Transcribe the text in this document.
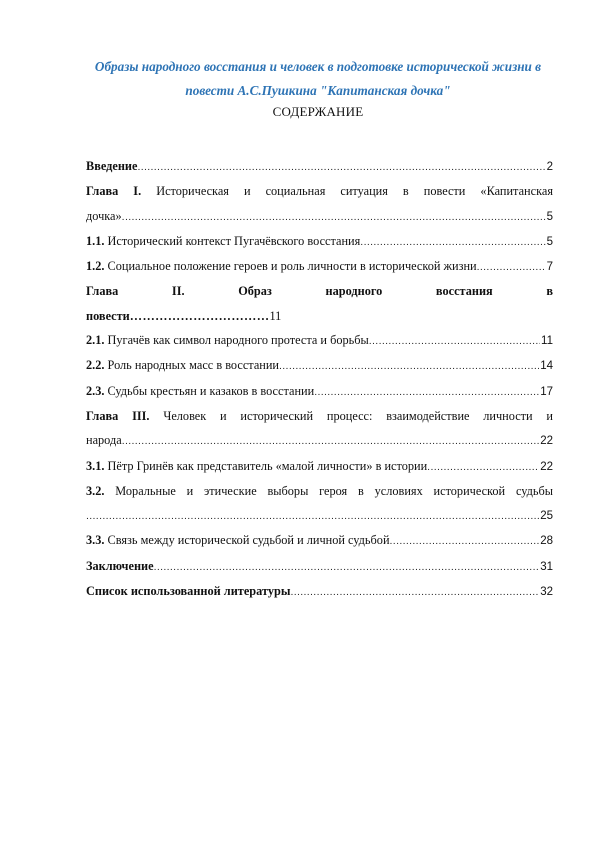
Образы народного восстания и человек в подготовке исторической жизни в повести А.С.Пушкина "Капитанская дочка"
СОДЕРЖАНИЕ
Введение .....	2
Глава I. Историческая и социальная ситуация в повести «Капитанская
дочка» .....	5
1.1. Исторический контекст Пугачёвского восстания .....	5
1.2. Социальное положение героев и роль личности в исторической жизни .....	7
Глава	II.	Образ	народного	восстания	в
повести……………………………11
2.1. Пугачёв как символ народного протеста и борьбы .....	11
2.2. Роль народных масс в восстании .....	14
2.3. Судьбы крестьян и казаков в восстании .....	17
Глава III. Человек и исторический процесс: взаимодействие личности и
народа .....	22
3.1. Пётр Гринёв как представитель «малой личности» в истории .....	22
3.2. Моральные и этические выборы героя в условиях исторической судьбы
.....
25
3.3. Связь между исторической судьбой и личной судьбой .....	28
Заключение .....	31
Список использованной литературы .....	32
